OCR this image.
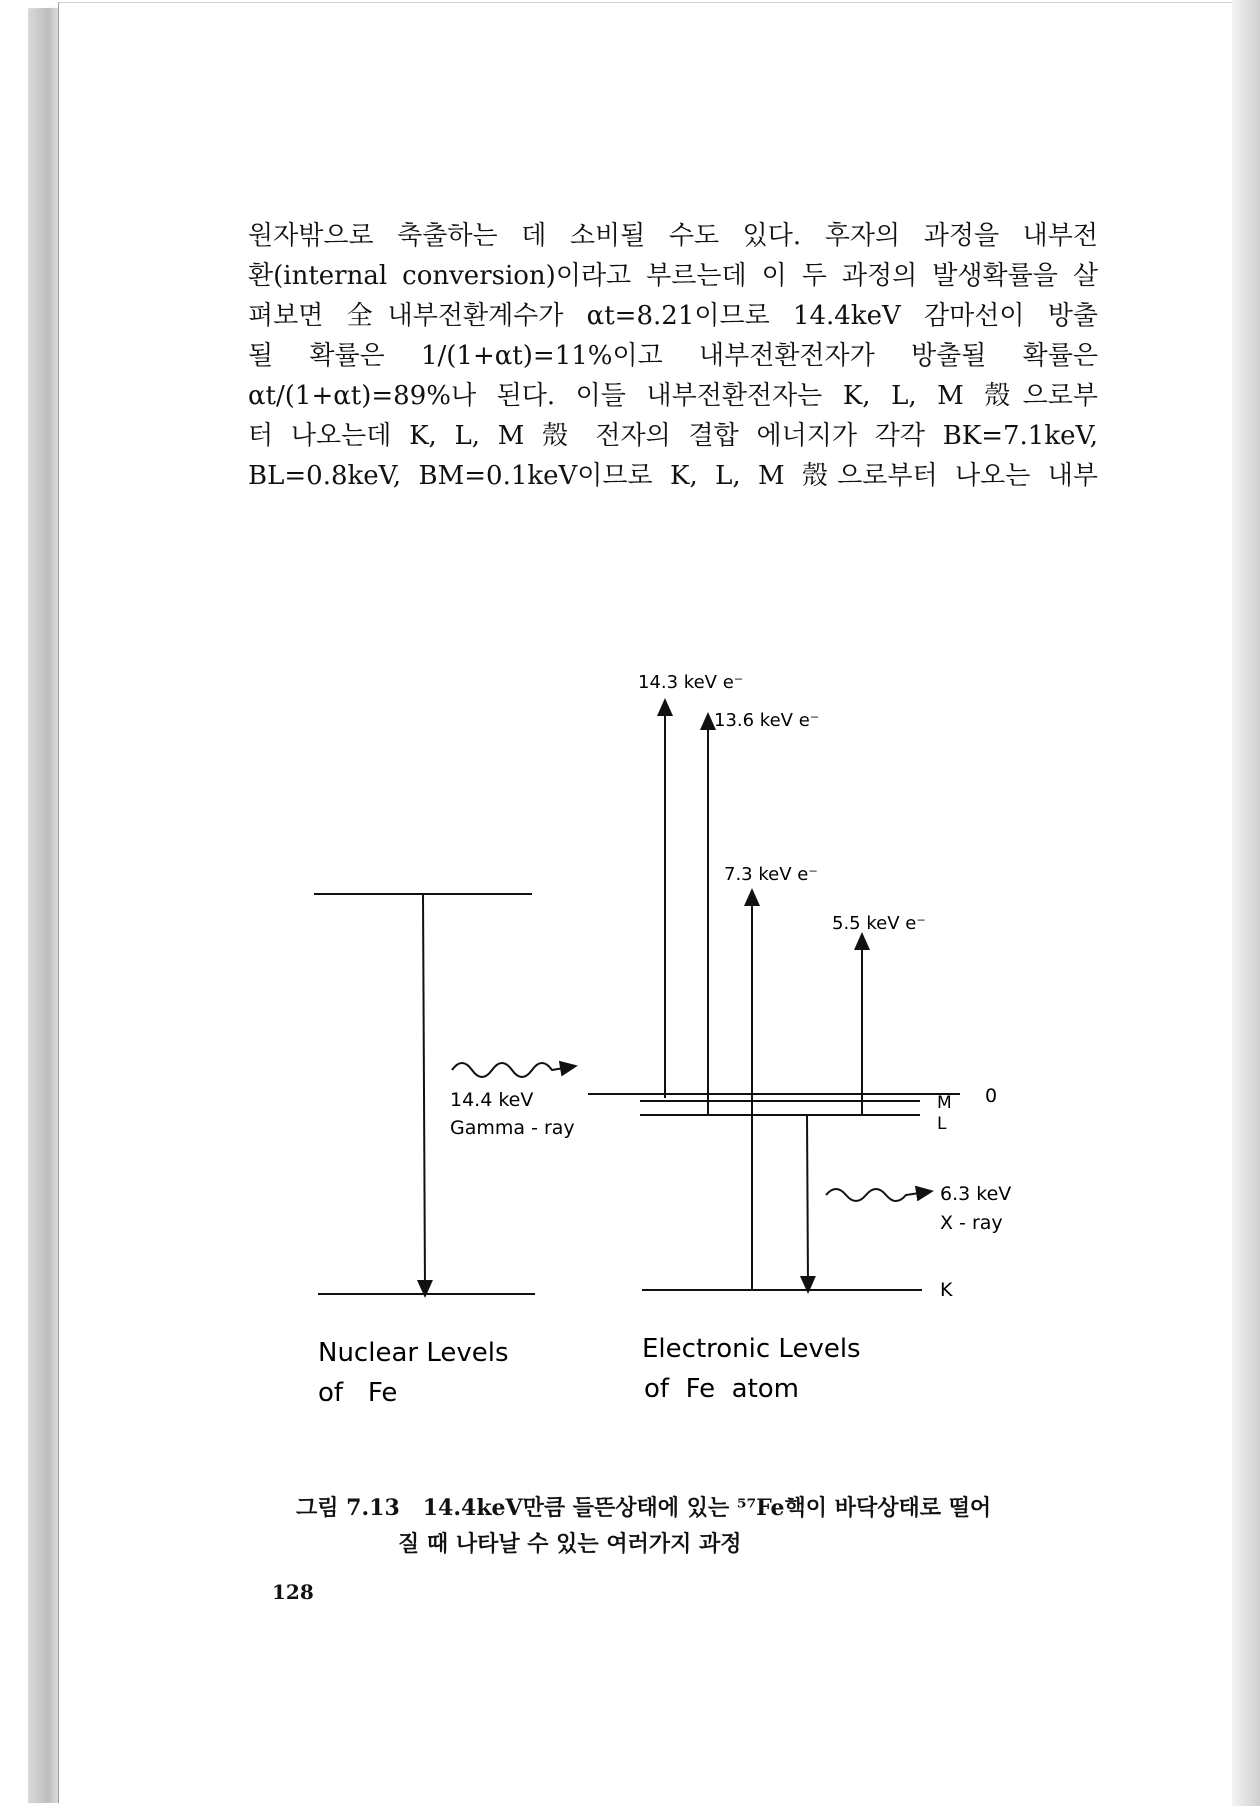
원자밖으로 축출하는 데 소비될 수도 있다. 후자의 과정을 내부전
환(internal conversion)이라고 부르는데 이 두 과정의 발생확률을 살
펴보면 全내부전환계수가 αt=8.21이므로 14.4keV 감마선이 방출
될 확률은 1/(1+αt)=11%이고 내부전환전자가 방출될 확률은
αt/(1+αt)=89%나 된다. 이들 내부전환전자는 K, L, M 殼으로부
터 나오는데 K, L, M 殼 전자의 결합 에너지가 각각 BK=7.1keV,
BL=0.8keV, BM=0.1keV이므로 K, L, M 殼으로부터 나오는 내부
14.4 keV
Gamma - ray
0
M
L
K
14.3 keV e⁻
13.6 keV e⁻
7.3 keV e⁻
5.5 keV e⁻
6.3 keV
X - ray
Nuclear Levels
of   Fe
Electronic Levels
of  Fe  atom
그림 7.13 14.4keV만큼 들뜬상태에 있는 ⁵⁷Fe핵이 바닥상태로 떨어
질 때 나타날 수 있는 여러가지 과정
128
